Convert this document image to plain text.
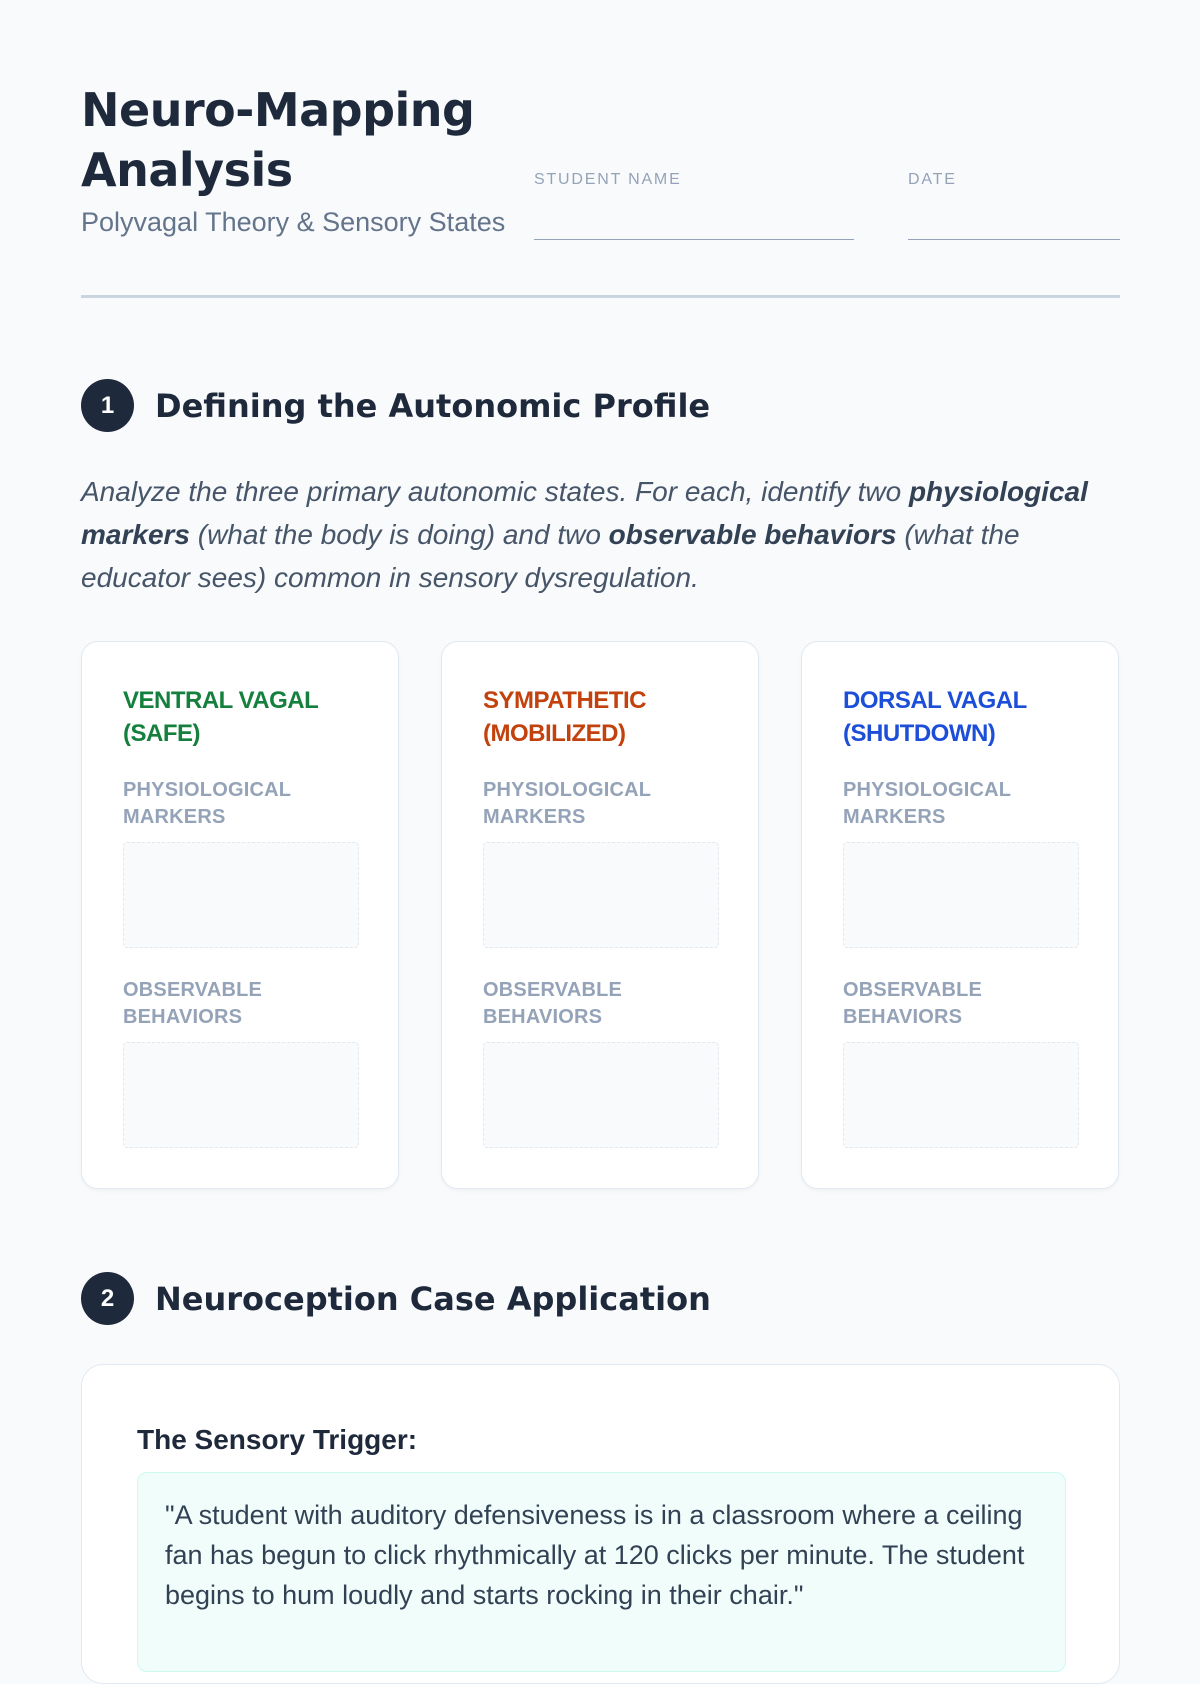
Neuro-Mapping Analysis
Polyvagal Theory & Sensory States
STUDENT NAME	DATE
1	Defining the Autonomic Profile

Analyze the three primary autonomic states. For each, identify two physiological markers (what the body is doing) and two observable behaviors (what the educator sees) common in sensory dysregulation.

VENTRAL VAGAL (SAFE)
PHYSIOLOGICAL MARKERS
OBSERVABLE BEHAVIORS
SYMPATHETIC (MOBILIZED)
PHYSIOLOGICAL MARKERS
OBSERVABLE BEHAVIORS
DORSAL VAGAL (SHUTDOWN)
PHYSIOLOGICAL MARKERS
OBSERVABLE BEHAVIORS
2	Neuroception Case Application
The Sensory Trigger:
"A student with auditory defensiveness is in a classroom where a ceiling fan has begun to click rhythmically at 120 clicks per minute. The student begins to hum loudly and starts rocking in their chair."
